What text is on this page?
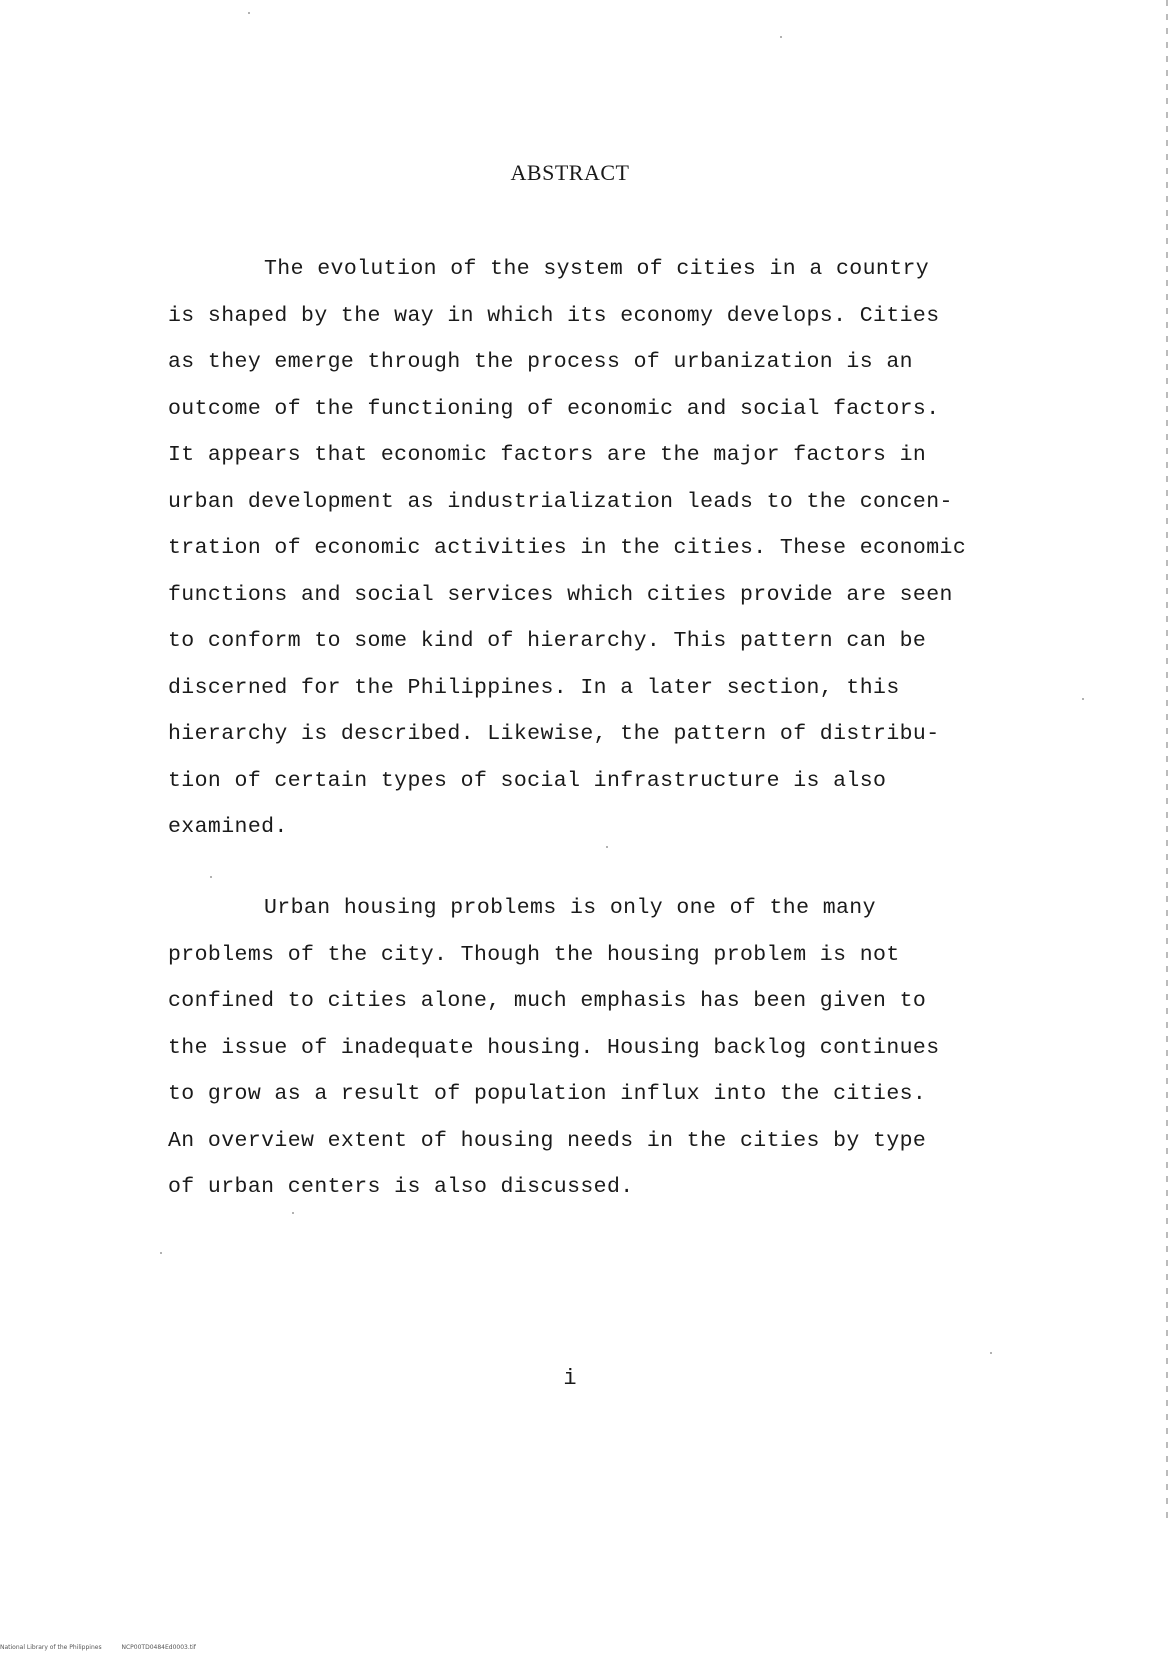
ABSTRACT

The evolution of the system of cities in a country
is shaped by the way in which its economy develops. Cities
as they emerge through the process of urbanization is an
outcome of the functioning of economic and social factors.
It appears that economic factors are the major factors in
urban development as industrialization leads to the concen-
tration of economic activities in the cities. These economic
functions and social services which cities provide are seen
to conform to some kind of hierarchy. This pattern can be
discerned for the Philippines. In a later section, this
hierarchy is described. Likewise, the pattern of distribu-
tion of certain types of social infrastructure is also
examined.

Urban housing problems is only one of the many
problems of the city. Though the housing problem is not
confined to cities alone, much emphasis has been given to
the issue of inadequate housing. Housing backlog continues
to grow as a result of population influx into the cities.
An overview extent of housing needs in the cities by type
of urban centers is also discussed.

i
National Library of the Philippines	NCP00TD0484Ed0003.tif
